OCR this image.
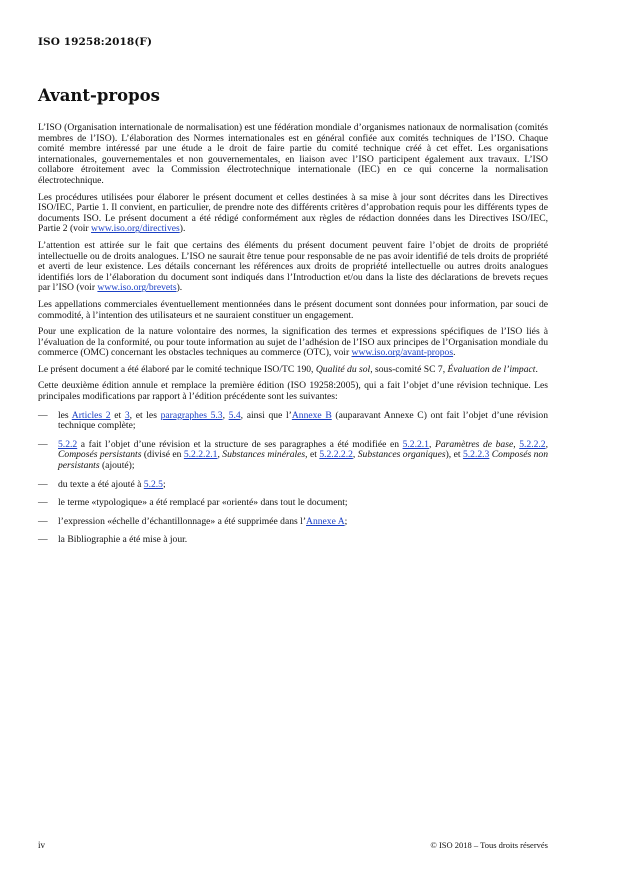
ISO 19258:2018(F)
Avant-propos

L’ISO (Organisation internationale de normalisation) est une fédération mondiale d’organismes nationaux de normalisation (comités membres de l’ISO). L’élaboration des Normes internationales est en général confiée aux comités techniques de l’ISO. Chaque comité membre intéressé par une étude a le droit de faire partie du comité technique créé à cet effet. Les organisations internationales, gouvernementales et non gouvernementales, en liaison avec l’ISO participent également aux travaux. L’ISO collabore étroitement avec la Commission électrotechnique internationale (IEC) en ce qui concerne la normalisation électrotechnique.

Les procédures utilisées pour élaborer le présent document et celles destinées à sa mise à jour sont décrites dans les Directives ISO/IEC, Partie 1. Il convient, en particulier, de prendre note des différents critères d’approbation requis pour les différents types de documents ISO. Le présent document a été rédigé conformément aux règles de rédaction données dans les Directives ISO/IEC, Partie 2 (voir www.iso.org/directives).

L’attention est attirée sur le fait que certains des éléments du présent document peuvent faire l’objet de droits de propriété intellectuelle ou de droits analogues. L’ISO ne saurait être tenue pour responsable de ne pas avoir identifié de tels droits de propriété et averti de leur existence. Les détails concernant les références aux droits de propriété intellectuelle ou autres droits analogues identifiés lors de l’élaboration du document sont indiqués dans l’Introduction et/ou dans la liste des déclarations de brevets reçues par l’ISO (voir www.iso.org/brevets).

Les appellations commerciales éventuellement mentionnées dans le présent document sont données pour information, par souci de commodité, à l’intention des utilisateurs et ne sauraient constituer un engagement.

Pour une explication de la nature volontaire des normes, la signification des termes et expressions spécifiques de l’ISO liés à l’évaluation de la conformité, ou pour toute information au sujet de l’adhésion de l’ISO aux principes de l’Organisation mondiale du commerce (OMC) concernant les obstacles techniques au commerce (OTC), voir www.iso.org/avant-propos.

Le présent document a été élaboré par le comité technique ISO/TC 190, Qualité du sol, sous-comité SC 7, Évaluation de l’impact.

Cette deuxième édition annule et remplace la première édition (ISO 19258:2005), qui a fait l’objet d’une révision technique. Les principales modifications par rapport à l’édition précédente sont les suivantes:

— les Articles 2 et 3, et les paragraphes 5.3, 5.4, ainsi que l’Annexe B (auparavant Annexe C) ont fait l’objet d’une révision technique complète;
— 5.2.2 a fait l’objet d’une révision et la structure de ses paragraphes a été modifiée en 5.2.2.1, Paramètres de base, 5.2.2.2, Composés persistants (divisé en 5.2.2.2.1, Substances minérales, et 5.2.2.2.2, Substances organiques), et 5.2.2.3 Composés non persistants (ajouté);
— du texte a été ajouté à 5.2.5;
— le terme «typologique» a été remplacé par «orienté» dans tout le document;
— l’expression «échelle d’échantillonnage» a été supprimée dans l’Annexe A;
— la Bibliographie a été mise à jour.
iv	© ISO 2018 – Tous droits réservés
